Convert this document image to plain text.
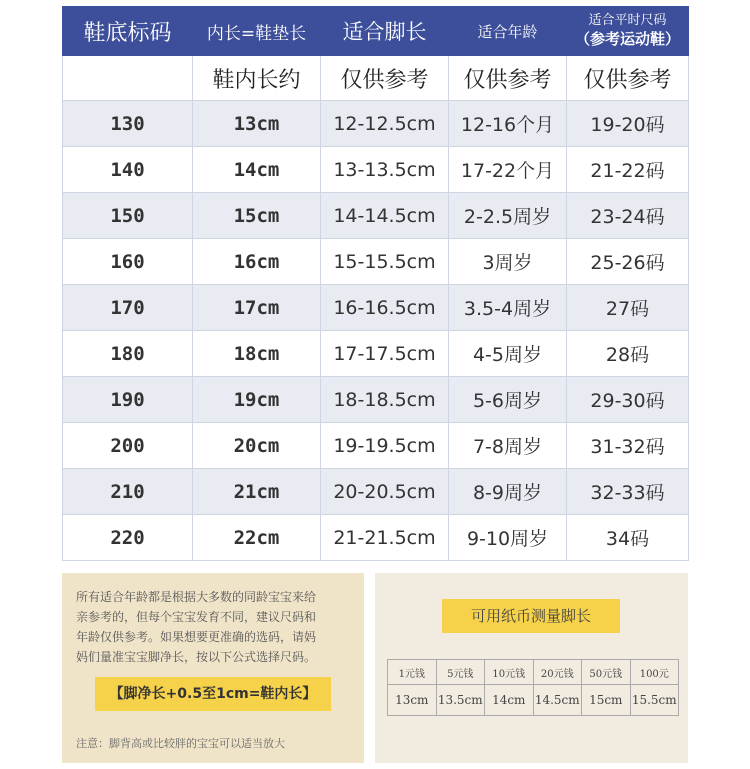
鞋底标码	内长=鞋垫长	适合脚长	适合年龄	适合平时尺码
（参考运动鞋）
	鞋内长约	仅供参考	仅供参考	仅供参考
130	13cm	12-12.5cm	12-16个月	19-20码
140	14cm	13-13.5cm	17-22个月	21-22码
150	15cm	14-14.5cm	2-2.5周岁	23-24码
160	16cm	15-15.5cm	3周岁	25-26码
170	17cm	16-16.5cm	3.5-4周岁	27码
180	18cm	17-17.5cm	4-5周岁	28码
190	19cm	18-18.5cm	5-6周岁	29-30码
200	20cm	19-19.5cm	7-8周岁	31-32码
210	21cm	20-20.5cm	8-9周岁	32-33码
220	22cm	21-21.5cm	9-10周岁	34码
所有适合年龄都是根据大多数的同龄宝宝来给
亲参考的，但每个宝宝发育不同，建议尺码和
年龄仅供参考。如果想要更准确的选码，请妈
妈们量准宝宝脚净长，按以下公式选择尺码。
【脚净长+0.5至1cm=鞋内长】
注意：脚背高或比较胖的宝宝可以适当放大
可用纸币测量脚长
1元钱	5元钱	10元钱	20元钱	50元钱	100元
13cm	13.5cm	14cm	14.5cm	15cm	15.5cm
